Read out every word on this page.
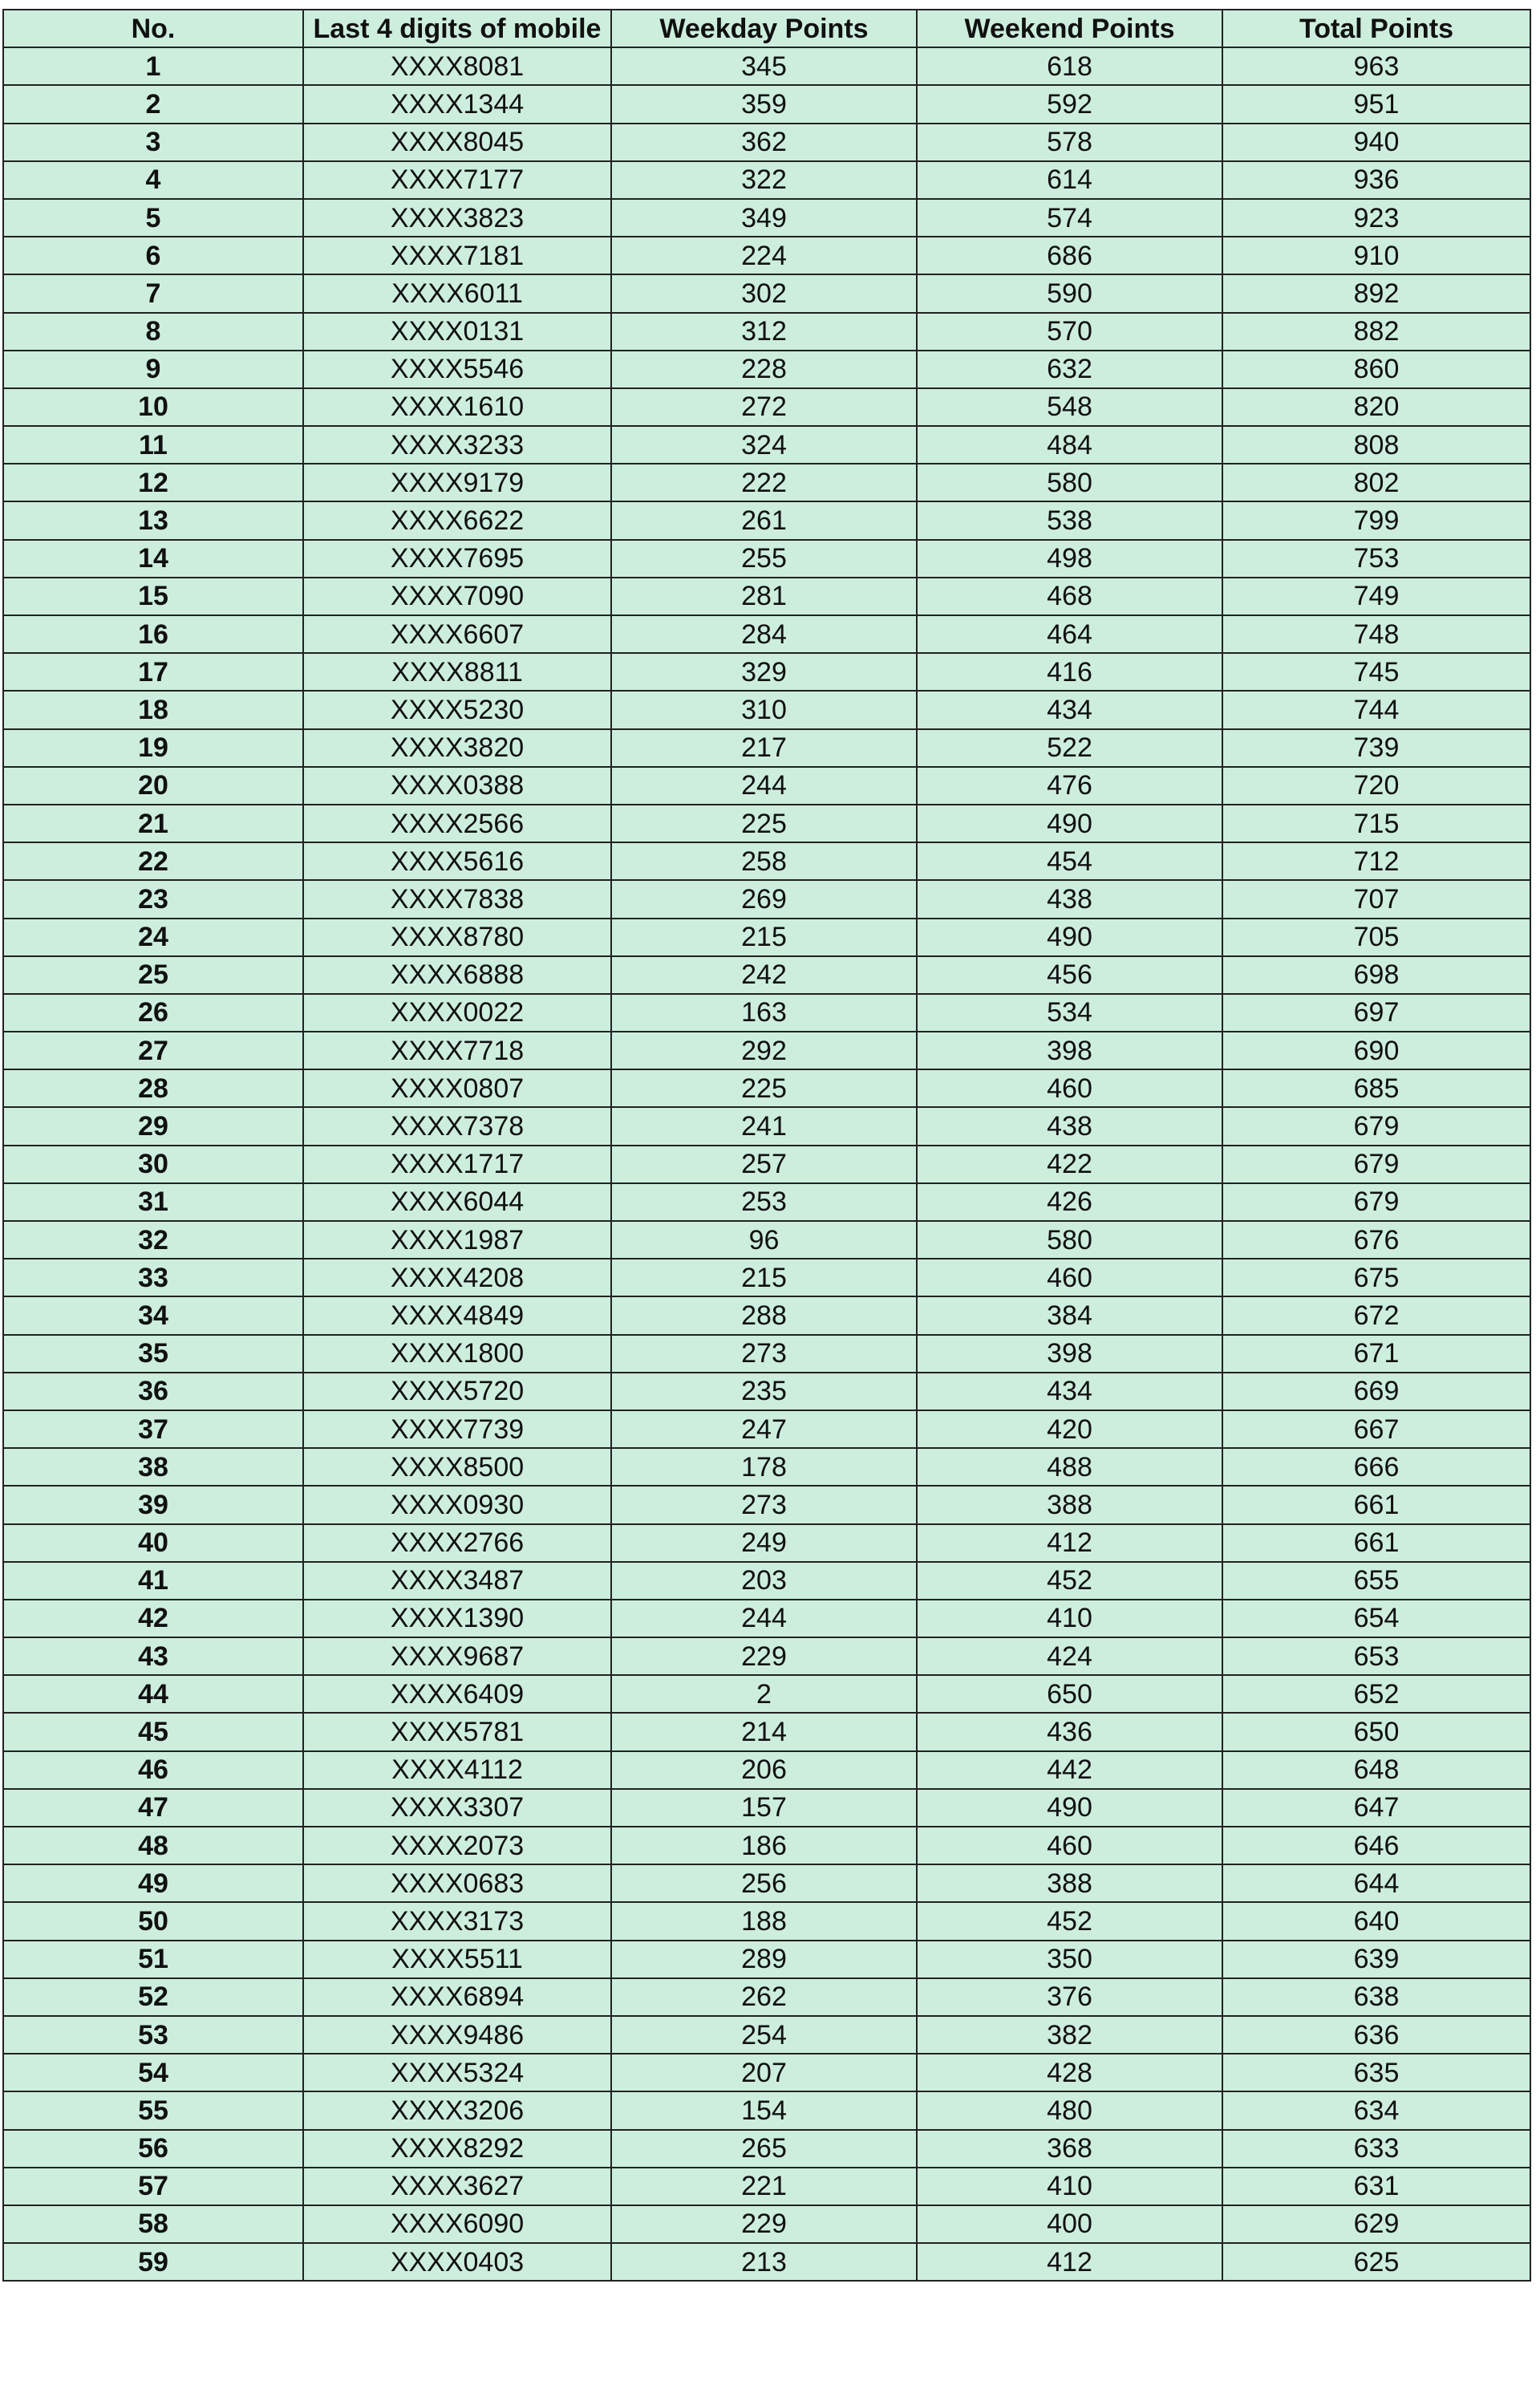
No.	Last 4 digits of mobile	Weekday Points	Weekend Points	Total Points
1	XXXX8081	345	618	963
2	XXXX1344	359	592	951
3	XXXX8045	362	578	940
4	XXXX7177	322	614	936
5	XXXX3823	349	574	923
6	XXXX7181	224	686	910
7	XXXX6011	302	590	892
8	XXXX0131	312	570	882
9	XXXX5546	228	632	860
10	XXXX1610	272	548	820
11	XXXX3233	324	484	808
12	XXXX9179	222	580	802
13	XXXX6622	261	538	799
14	XXXX7695	255	498	753
15	XXXX7090	281	468	749
16	XXXX6607	284	464	748
17	XXXX8811	329	416	745
18	XXXX5230	310	434	744
19	XXXX3820	217	522	739
20	XXXX0388	244	476	720
21	XXXX2566	225	490	715
22	XXXX5616	258	454	712
23	XXXX7838	269	438	707
24	XXXX8780	215	490	705
25	XXXX6888	242	456	698
26	XXXX0022	163	534	697
27	XXXX7718	292	398	690
28	XXXX0807	225	460	685
29	XXXX7378	241	438	679
30	XXXX1717	257	422	679
31	XXXX6044	253	426	679
32	XXXX1987	96	580	676
33	XXXX4208	215	460	675
34	XXXX4849	288	384	672
35	XXXX1800	273	398	671
36	XXXX5720	235	434	669
37	XXXX7739	247	420	667
38	XXXX8500	178	488	666
39	XXXX0930	273	388	661
40	XXXX2766	249	412	661
41	XXXX3487	203	452	655
42	XXXX1390	244	410	654
43	XXXX9687	229	424	653
44	XXXX6409	2	650	652
45	XXXX5781	214	436	650
46	XXXX4112	206	442	648
47	XXXX3307	157	490	647
48	XXXX2073	186	460	646
49	XXXX0683	256	388	644
50	XXXX3173	188	452	640
51	XXXX5511	289	350	639
52	XXXX6894	262	376	638
53	XXXX9486	254	382	636
54	XXXX5324	207	428	635
55	XXXX3206	154	480	634
56	XXXX8292	265	368	633
57	XXXX3627	221	410	631
58	XXXX6090	229	400	629
59	XXXX0403	213	412	625
